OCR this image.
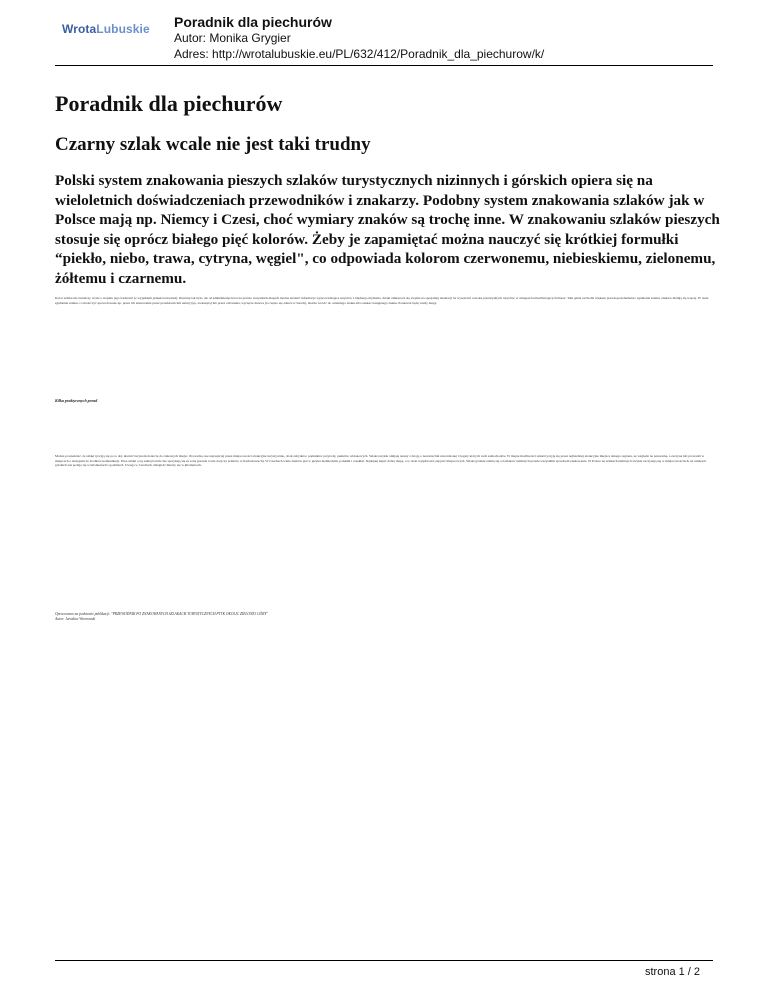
WrotaLubuskie Poradnik dla piechurów
Autor: Monika Grygier
Adres: http://wrotalubuskie.eu/PL/632/412/Poradnik_dla_piechurow/k/
Poradnik dla piechurów
Czarny szlak wcale nie jest taki trudny

Polski system znakowania pieszych szlaków turystycznych nizinnych i górskich opiera się na wieloletnich doświadczeniach przewodników i znakarzy. Podobny system znakowania szlaków jak w Polsce mają np. Niemcy i Czesi, choć wymiary znaków są trochę inne. W znakowaniu szlaków pieszych stosuje się oprócz białego pięć kolorów. Żeby je zapamiętać można nauczyć się krótkiej formułki “piekło, niebo, trawa, cytryna, węgiel", co odpowiada kolorom czerwonemu, niebieskiemu, zielonemu, żółtemu i czarnemu.

Kolor szlaku nie świadczy wcale o stopniu jego trudności (z wyjątkiem jednak nartostrad). Dawniej tak było, ale od kilkudziesięciu lat na prawie wszystkich mapach można znaleźć informacje wyprowadzające turystów z błędnego myślenia. Znaki umieszcza się zwykle na specjalnej instalacji na wysokości wzroku potencjalnych turystów w odstępach umożliwiających marsz. Tam gdzie zachodzi większe prawdopodobieństwo zgubienia szlaku, znaków malują się więcej. W razie zgubienia szlaku, co może być spowodowane np. przez ich zniszczenie przez przedstawicieli natury (np. zwierzęta) lub przez człowieka, wycięcie drzewa (to często się zdarza w lasach), można wrócić do ostatniego znaku albo szukać następnego znaku. Ponieważ będą wtedy mapy.

Kilka praktycznych porad

Można powiedzieć, że szlaki tyczyją się po to aby ułatwić turystom dotarcie do ciekawych miejsc. Prowadzą one najczęściej przez miejscowości atrakcyjne turystycznie, obok zabytków, pomników przyrody, punktów widokowych. Szlaki zwykle omijają tereny z drogą o nawierzchni utwardzonej i bogaty których ruch samochodów. W mapie możliwości szlaki tyczyją się przez najbardziej atrakcyjne miejsca danego regionu, ze względu na panoramę, a zaczyna lub prowadzi w miejscach z dostępem do środków komunikacji. Dwa szlaki o tej samej barwie nie spotykają się ze sobą (zasada ta nie dotyczy szlaków w Karkonoszach). W Czechach wiele znaków jest w języku niemieckim, polskim i czeskim. Najlepiej kupić dobrą mapę, a w razie wątpliwości zapytać miejscowych. Szlaki górskie różnią się od szlaków nizinnych przede wszystkim sposobem znakowania. W Polsce na szlakach nizinnych zwykle zaczynają się w miejscowościach, na szlakach górskich zaś podaje się w kilometrach i godzinach. Uwaga w Czechach odległość mierzy się w kilometrach.

Opracowano na podstawie publikacji: "PRZEWODNIK PO ZNAKOWANYCH SZLAKACH TURYSTYCZNYCH PTTK OKOLIC ZIELONEJ GÓRY"
Autor: Jarosław Wnorowski
strona 1 / 2
